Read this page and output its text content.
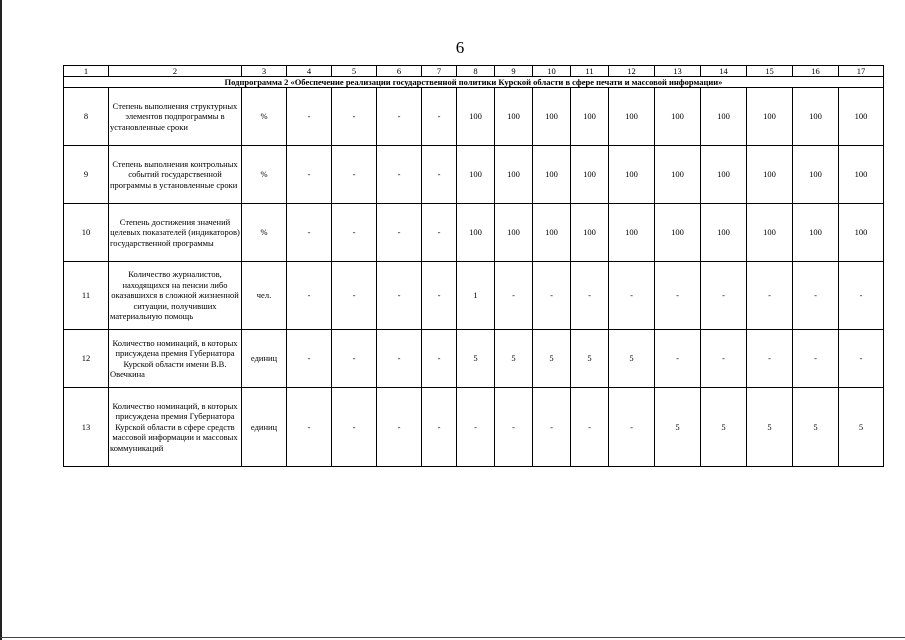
6
1	2	3	4	5	6	7	8	9	10	11	12	13	14	15	16	17
Подпрограмма 2 «Обеспечение реализации государственной политики Курской области в сфере печати и массовой информации»																
8	Степень выполнения структурных элементов подпрограммы в установленные сроки	%	-	-	-	-	100	100	100	100	100	100	100	100	100	100
9	Степень выполнения контрольных событий государственной программы в установленные сроки	%	-	-	-	-	100	100	100	100	100	100	100	100	100	100
10	Степень достижения значений целевых показателей (индикаторов) государственной программы	%	-	-	-	-	100	100	100	100	100	100	100	100	100	100
11	Количество журналистов, находящихся на пенсии либо оказавшихся в сложной жизненной ситуации, получивших материальную помощь	чел.	-	-	-	-	1	-	-	-	-	-	-	-	-	-
12	Количество номинаций, в которых присуждена премия Губернатора Курской области имени В.В. Овечкина	единиц	-	-	-	-	5	5	5	5	5	-	-	-	-	-
13	Количество номинаций, в которых присуждена премия Губернатора Курской области в сфере средств массовой информации и массовых коммуникаций	единиц	-	-	-	-	-	-	-	-	-	5	5	5	5	5
